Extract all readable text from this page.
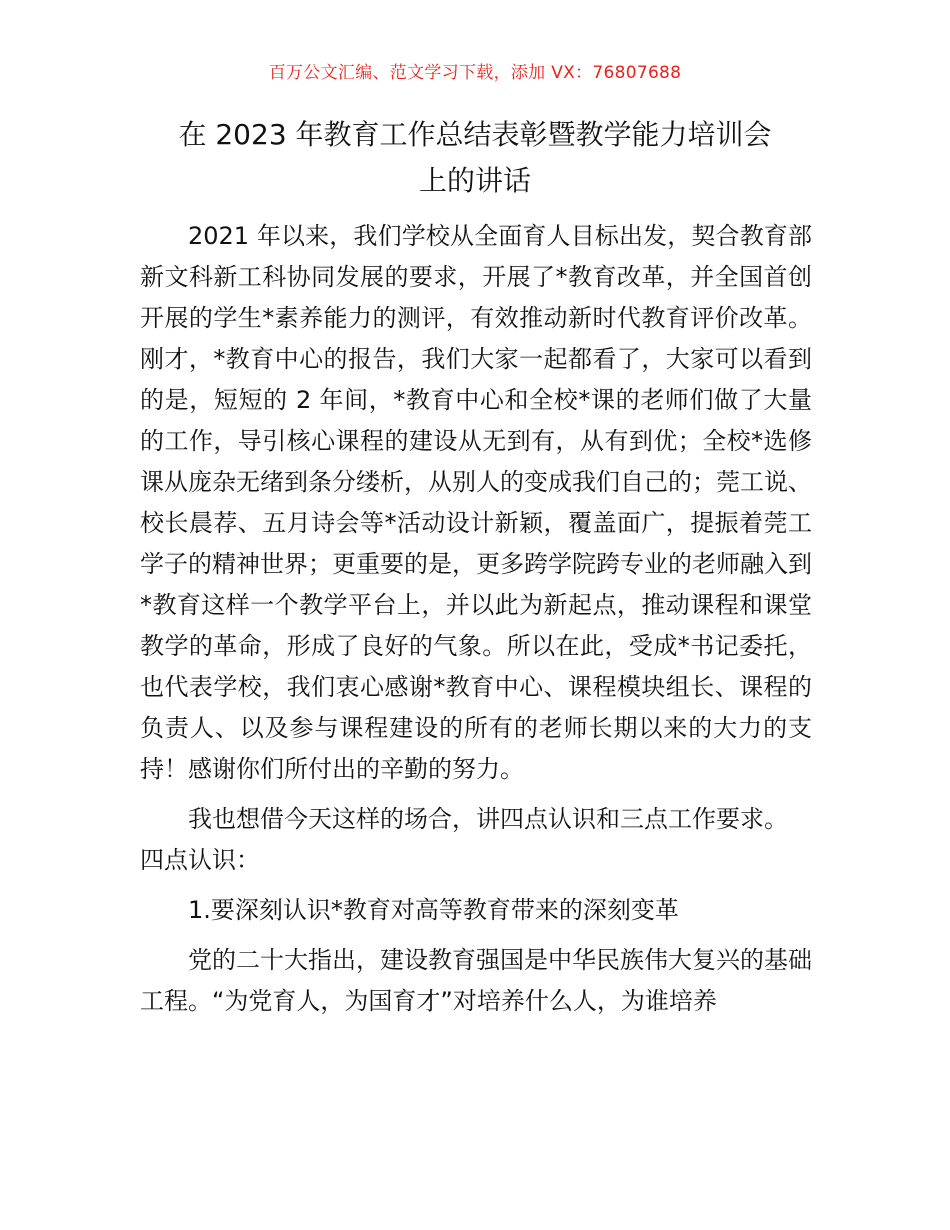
百万公文汇编、范文学习下载，添加 VX：76807688
在 2023 年教育工作总结表彰暨教学能力培训会
上的讲话

2021 年以来，我们学校从全面育人目标出发，契合教育部新文科新工科协同发展的要求，开展了*教育改革，并全国首创开展的学生*素养能力的测评，有效推动新时代教育评价改革。刚才，*教育中心的报告，我们大家一起都看了，大家可以看到的是，短短的 2 年间，*教育中心和全校*课的老师们做了大量的工作，导引核心课程的建设从无到有，从有到优；全校*选修课从庞杂无绪到条分缕析，从别人的变成我们自己的；莞工说、校长晨荐、五月诗会等*活动设计新颖，覆盖面广，提振着莞工学子的精神世界；更重要的是，更多跨学院跨专业的老师融入到*教育这样一个教学平台上，并以此为新起点，推动课程和课堂教学的革命，形成了良好的气象。所以在此，受成*书记委托，也代表学校，我们衷心感谢*教育中心、课程模块组长、课程的负责人、以及参与课程建设的所有的老师长期以来的大力的支持！感谢你们所付出的辛勤的努力。

我也想借今天这样的场合，讲四点认识和三点工作要求。

四点认识：

1.要深刻认识*教育对高等教育带来的深刻变革

党的二十大指出，建设教育强国是中华民族伟大复兴的基础工程。“为党育人，为国育才”对培养什么人，为谁培养
